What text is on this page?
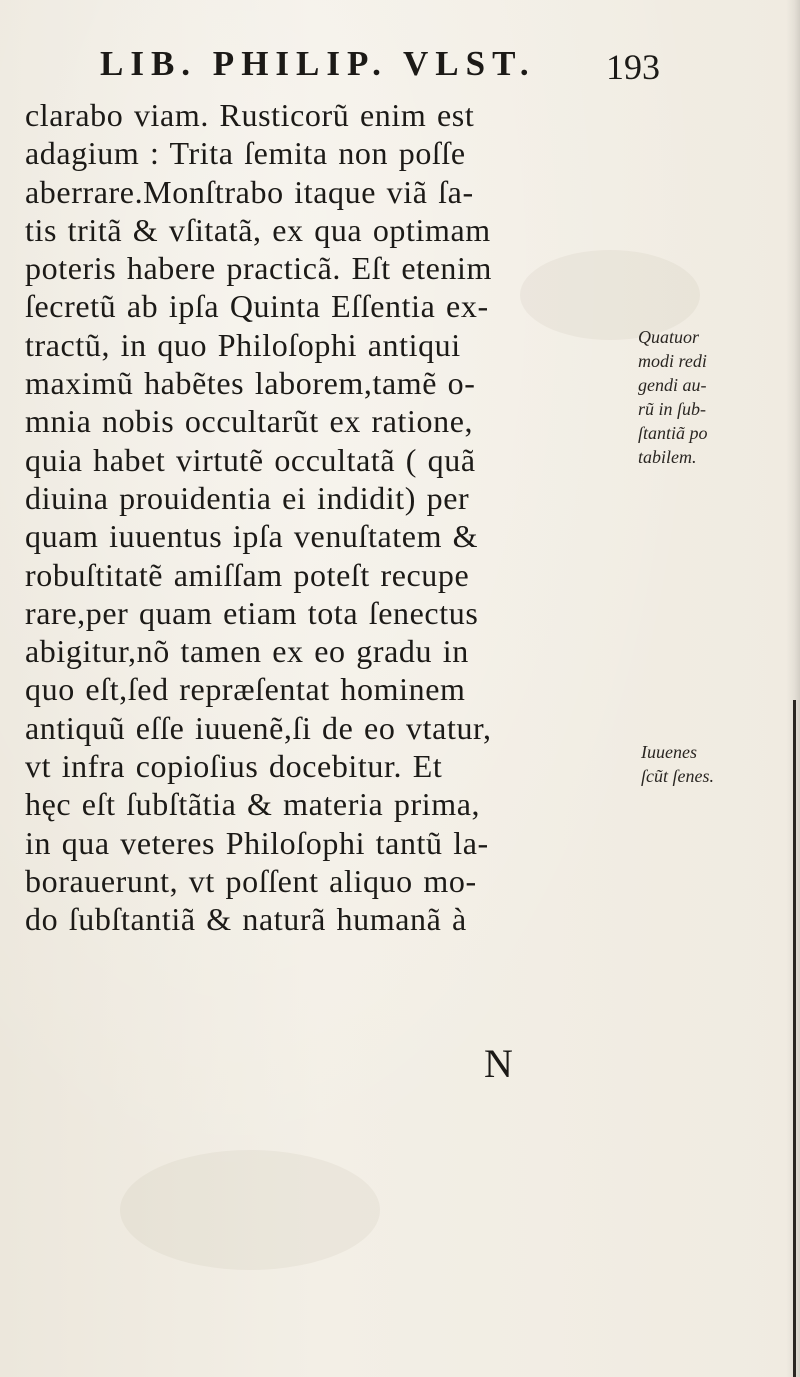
LIB. PHILIP. VLST. 193
clarabo viam. Rusticorũ enim est
adagium : Trita ſemita non poſſe
aberrare.Monſtrabo itaque viã ſa-
tis tritã & vſitatã, ex qua optimam
poteris habere practicã. Eſt etenim
ſecretũ ab ipſa Quinta Eſſentia ex-
tractũ, in quo Philoſophi antiqui
maximũ habẽtes laborem,tamẽ o-
mnia nobis occultarũt ex ratione,
quia habet virtutẽ occultatã ( quã
diuina prouidentia ei indidit) per
quam iuuentus ipſa venuſtatem &
robuſtitatẽ amiſſam poteſt recupe
rare,per quam etiam tota ſenectus
abigitur,nõ tamen ex eo gradu in
quo eſt,ſed repræſentat hominem
antiquũ eſſe iuuenẽ,ſi de eo vtatur,
vt infra copioſius docebitur. Et
hęc eſt ſubſtãtia & materia prima,
in qua veteres Philoſophi tantũ la-
borauerunt, vt poſſent aliquo mo-
do ſubſtantiã & naturã humanã à
Quatuor
modi redi
gendi au-
rũ in ſub-
ſtantiã po
tabilem.
Iuuenes
ſcũt ſenes.
N
